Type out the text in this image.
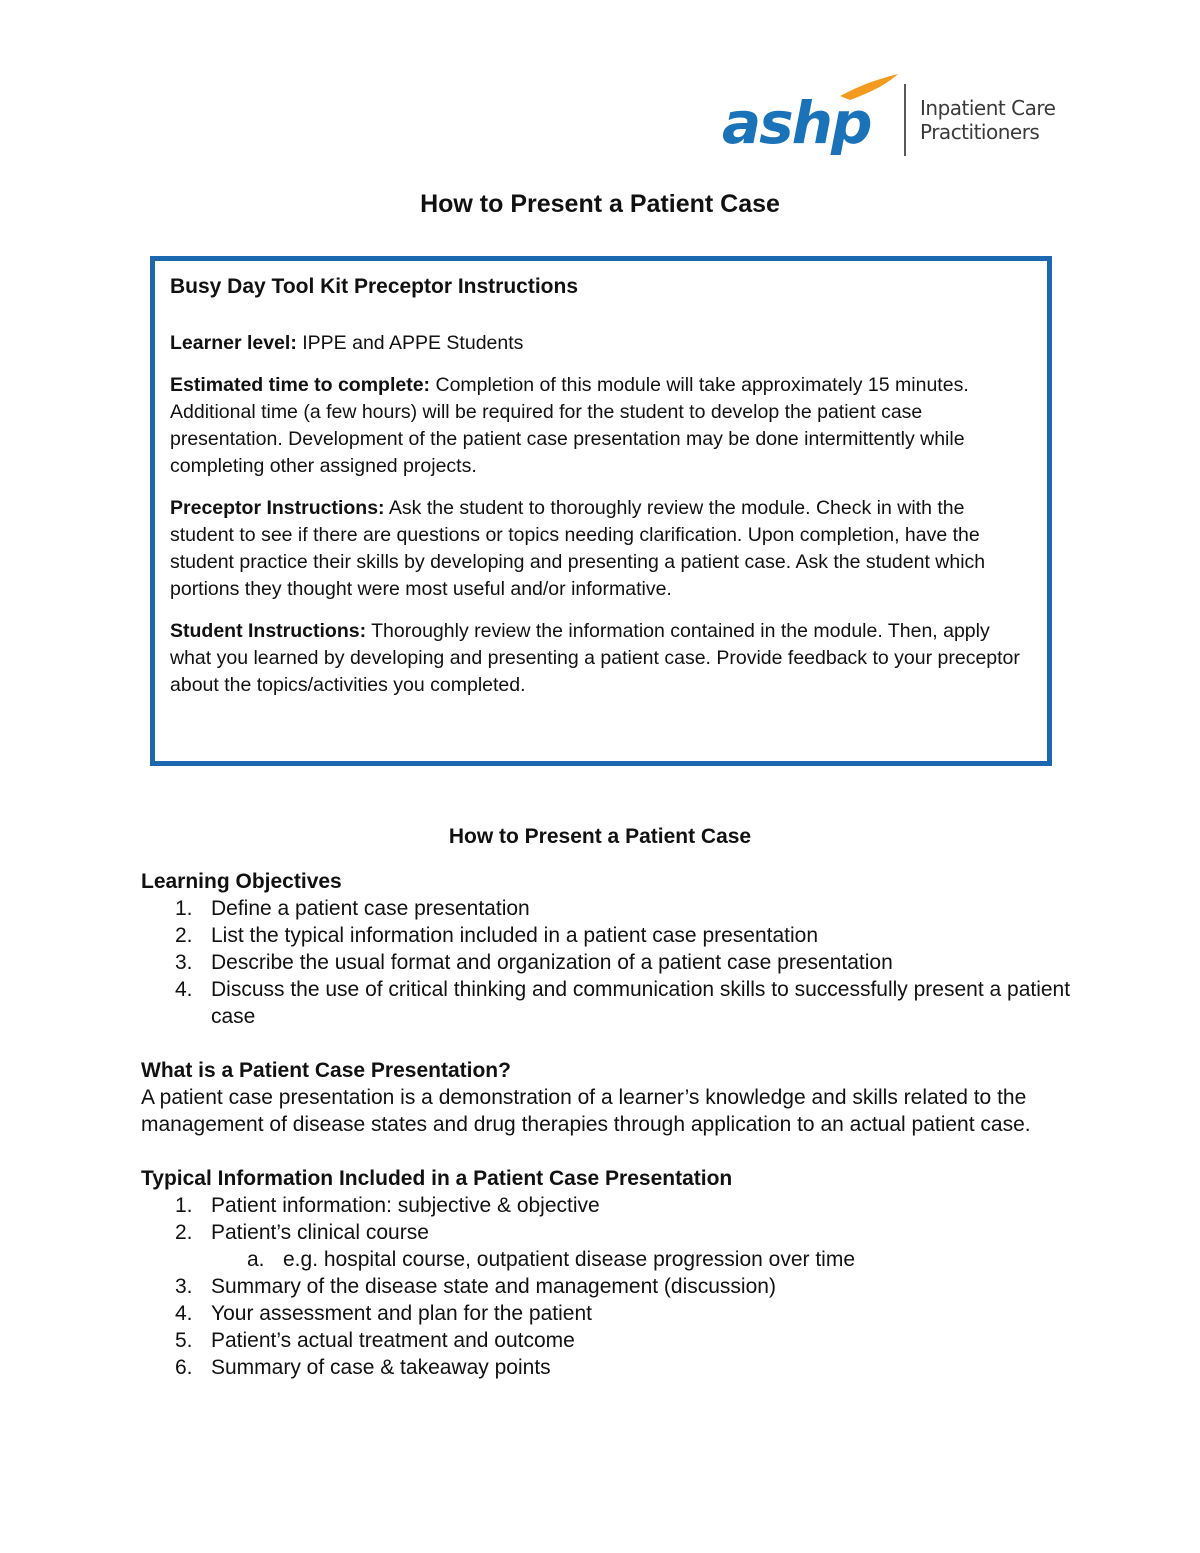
ashp Inpatient Care
Practitioners
How to Present a Patient Case
Busy Day Tool Kit Preceptor Instructions

Learner level: IPPE and APPE Students

Estimated time to complete: Completion of this module will take approximately 15 minutes. Additional time (a few hours) will be required for the student to develop the patient case presentation. Development of the patient case presentation may be done intermittently while completing other assigned projects.

Preceptor Instructions: Ask the student to thoroughly review the module. Check in with the student to see if there are questions or topics needing clarification. Upon completion, have the student practice their skills by developing and presenting a patient case. Ask the student which portions they thought were most useful and/or informative.

Student Instructions: Thoroughly review the information contained in the module. Then, apply what you learned by developing and presenting a patient case. Provide feedback to your preceptor about the topics/activities you completed.

How to Present a Patient Case
Learning Objectives
1. Define a patient case presentation
2. List the typical information included in a patient case presentation
3. Describe the usual format and organization of a patient case presentation
4. Discuss the use of critical thinking and communication skills to successfully present a patient case
What is a Patient Case Presentation?

A patient case presentation is a demonstration of a learner’s knowledge and skills related to the management of disease states and drug therapies through application to an actual patient case.

Typical Information Included in a Patient Case Presentation
1. Patient information: subjective & objective
2. Patient’s clinical course
a. e.g. hospital course, outpatient disease progression over time
3. Summary of the disease state and management (discussion)
4. Your assessment and plan for the patient
5. Patient’s actual treatment and outcome
6. Summary of case & takeaway points
